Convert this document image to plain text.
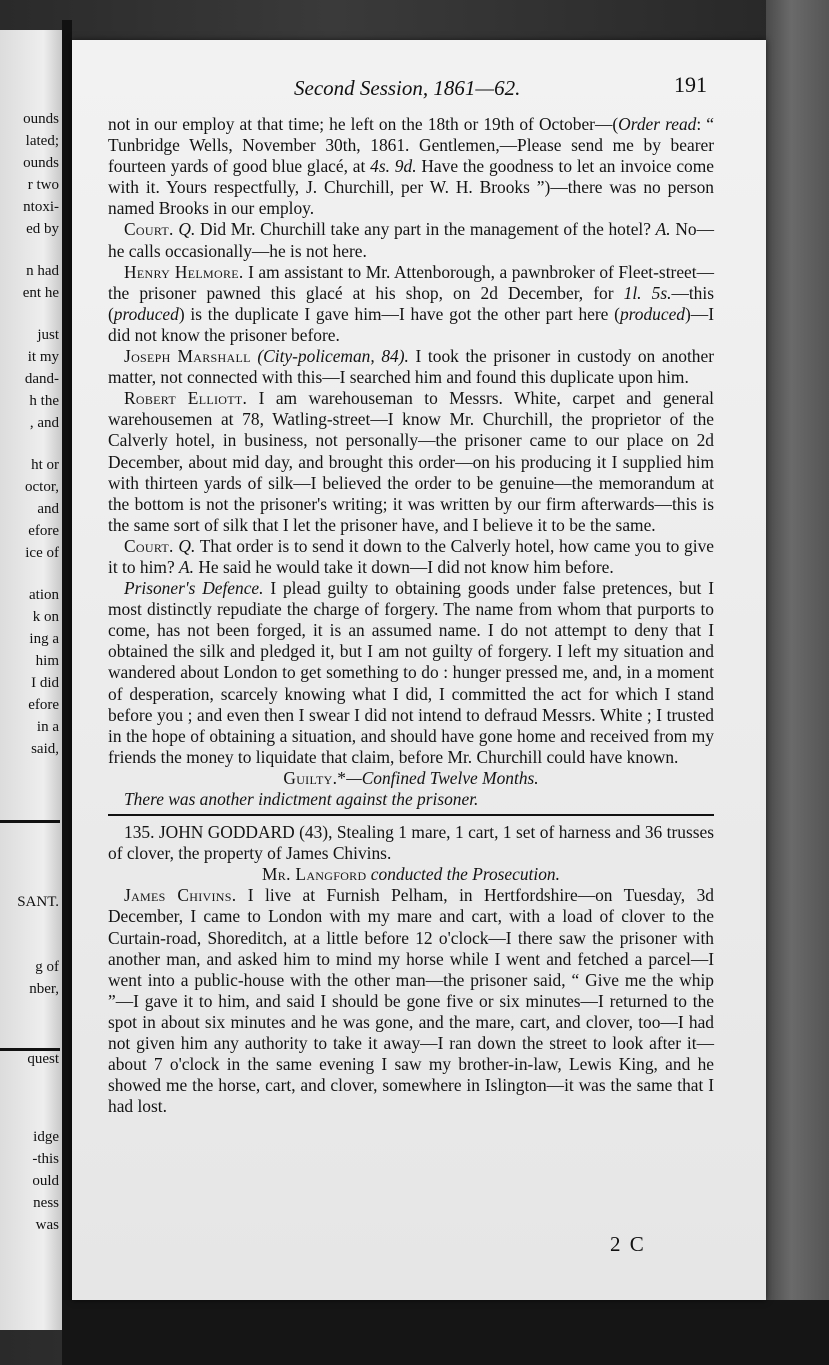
ounds
lated;
ounds
r two
ntoxi-
ed by
n had
ent he
just
it my
dand-
h the
, and
ht or
octor,
and
efore
ice of
ation
k on
ing a
him
I did
efore
in a
said,
SANT.
g of
nber,
quest
idge
-this
ould
ness
was
Second Session, 1861—62.	191

not in our employ at that time; he left on the 18th or 19th of October—(Order read: “ Tunbridge Wells, November 30th, 1861. Gentlemen,—Please send me by bearer fourteen yards of good blue glacé, at 4s. 9d. Have the goodness to let an invoice come with it. Yours respectfully, J. Churchill, per W. H. Brooks ”)—there was no person named Brooks in our employ.

Court. Q. Did Mr. Churchill take any part in the management of the hotel? A. No—he calls occasionally—he is not here.

Henry Helmore. I am assistant to Mr. Attenborough, a pawnbroker of Fleet-street—the prisoner pawned this glacé at his shop, on 2d December, for 1l. 5s.—this (produced) is the duplicate I gave him—I have got the other part here (produced)—I did not know the prisoner before.

Joseph Marshall (City-policeman, 84). I took the prisoner in custody on another matter, not connected with this—I searched him and found this duplicate upon him.

Robert Elliott. I am warehouseman to Messrs. White, carpet and general warehousemen at 78, Watling-street—I know Mr. Churchill, the proprietor of the Calverly hotel, in business, not personally—the prisoner came to our place on 2d December, about mid day, and brought this order—on his producing it I supplied him with thirteen yards of silk—I believed the order to be genuine—the memorandum at the bottom is not the prisoner's writing; it was written by our firm afterwards—this is the same sort of silk that I let the prisoner have, and I believe it to be the same.

Court. Q. That order is to send it down to the Calverly hotel, how came you to give it to him? A. He said he would take it down—I did not know him before.

Prisoner's Defence. I plead guilty to obtaining goods under false pretences, but I most distinctly repudiate the charge of forgery. The name from whom that purports to come, has not been forged, it is an assumed name. I do not attempt to deny that I obtained the silk and pledged it, but I am not guilty of forgery. I left my situation and wandered about London to get something to do : hunger pressed me, and, in a moment of desperation, scarcely knowing what I did, I committed the act for which I stand before you ; and even then I swear I did not intend to defraud Messrs. White ; I trusted in the hope of obtaining a situation, and should have gone home and received from my friends the money to liquidate that claim, before Mr. Churchill could have known.

Guilty.*—Confined Twelve Months.

There was another indictment against the prisoner.

135. JOHN GODDARD (43), Stealing 1 mare, 1 cart, 1 set of harness and 36 trusses of clover, the property of James Chivins.

Mr. Langford conducted the Prosecution.

James Chivins. I live at Furnish Pelham, in Hertfordshire—on Tuesday, 3d December, I came to London with my mare and cart, with a load of clover to the Curtain-road, Shoreditch, at a little before 12 o'clock—I there saw the prisoner with another man, and asked him to mind my horse while I went and fetched a parcel—I went into a public-house with the other man—the prisoner said, “ Give me the whip ”—I gave it to him, and said I should be gone five or six minutes—I returned to the spot in about six minutes and he was gone, and the mare, cart, and clover, too—I had not given him any authority to take it away—I ran down the street to look after it—about 7 o'clock in the same evening I saw my brother-in-law, Lewis King, and he showed me the horse, cart, and clover, somewhere in Islington—it was the same that I had lost.

2 C
